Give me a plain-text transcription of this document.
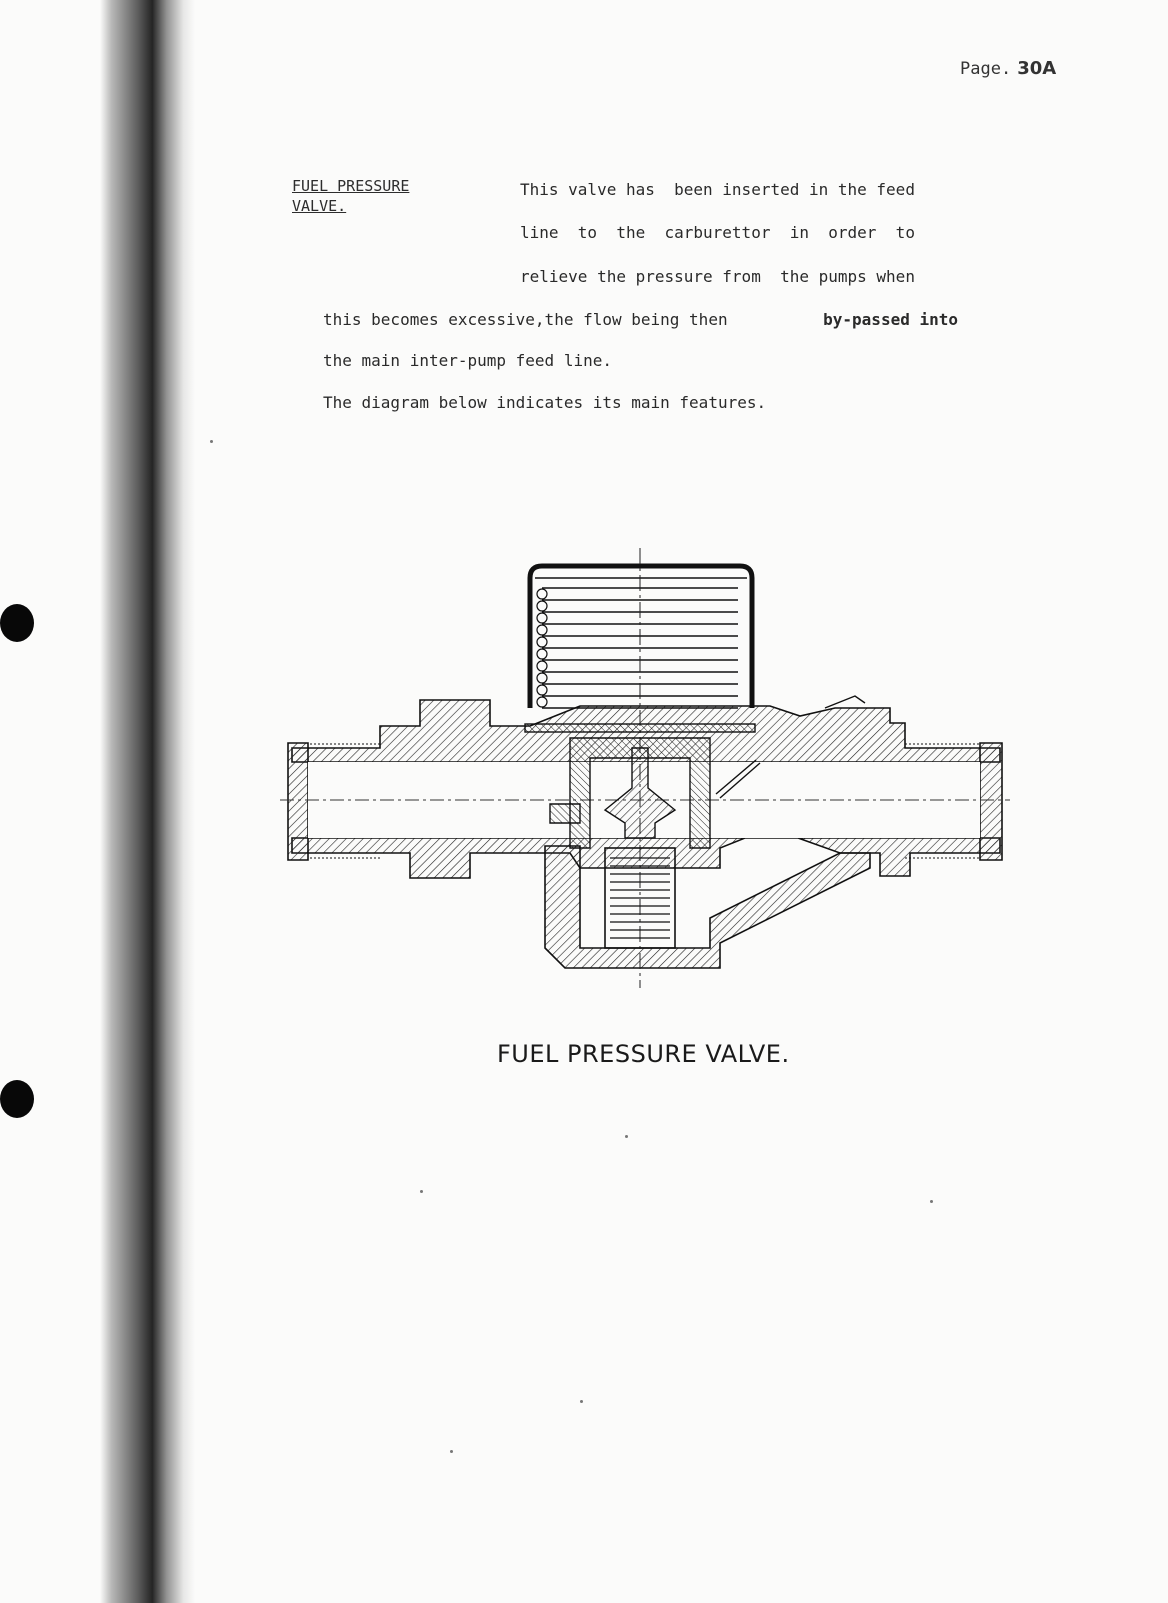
Page. 30A
FUEL PRESSURE
VALVE.
This valve has  been inserted in the feed
line  to  the  carburettor  in  order  to
relieve the pressure from  the pumps when
this becomes excessive,the flow being then	by-passed into
the main inter-pump feed line.
The diagram below indicates its main features.
FUEL PRESSURE VALVE.
